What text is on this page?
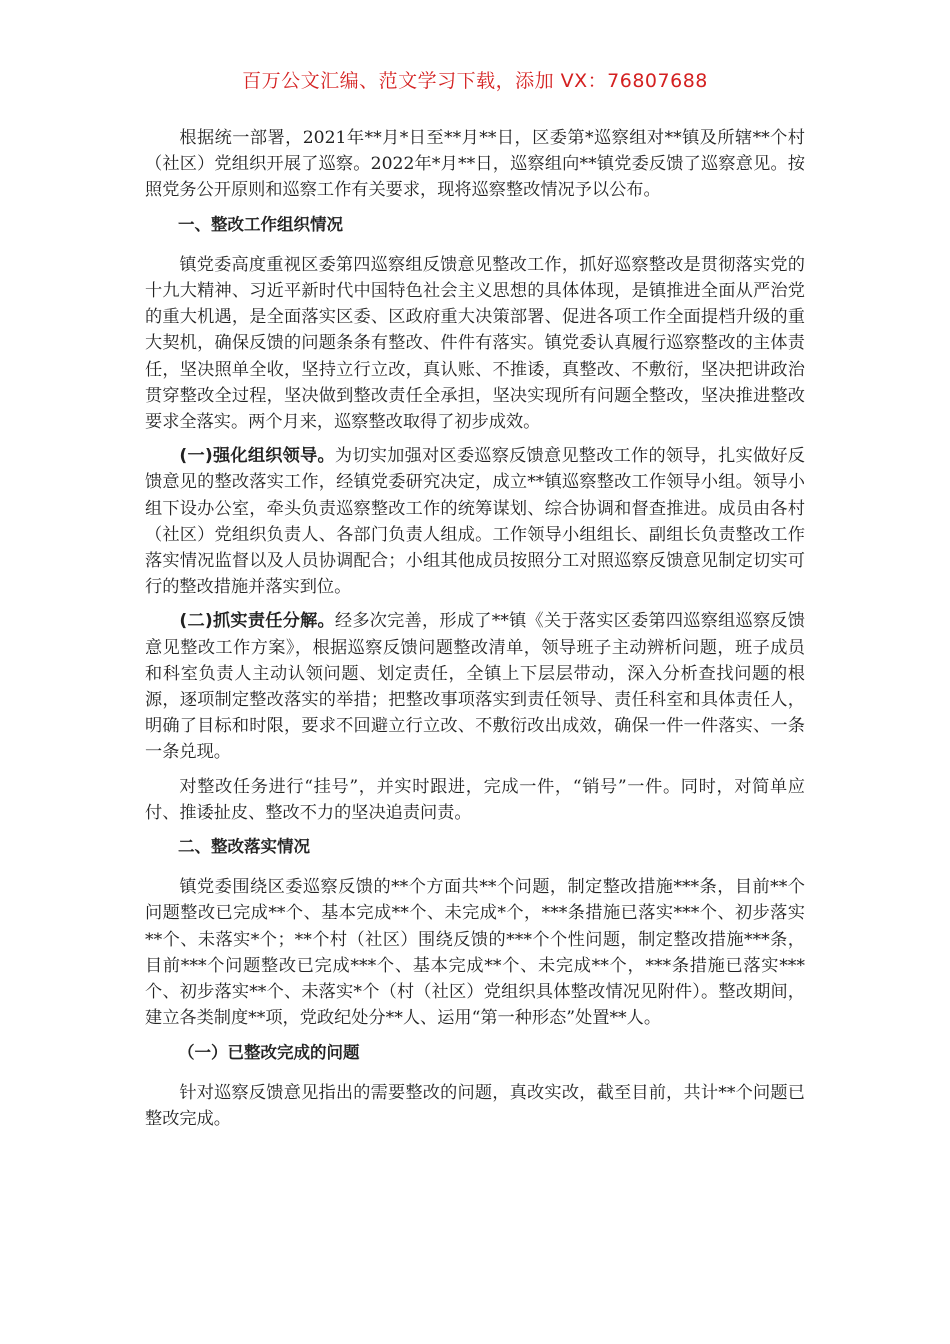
百万公文汇编、范文学习下载，添加 VX：76807688

根据统一部署，2021年**月*日至**月**日，区委第*巡察组对**镇及所辖**个村（社区）党组织开展了巡察。2022年*月**日，巡察组向**镇党委反馈了巡察意见。按照党务公开原则和巡察工作有关要求，现将巡察整改情况予以公布。

一、整改工作组织情况

镇党委高度重视区委第四巡察组反馈意见整改工作，抓好巡察整改是贯彻落实党的十九大精神、习近平新时代中国特色社会主义思想的具体体现，是镇推进全面从严治党的重大机遇，是全面落实区委、区政府重大决策部署、促进各项工作全面提档升级的重大契机，确保反馈的问题条条有整改、件件有落实。镇党委认真履行巡察整改的主体责任，坚决照单全收，坚持立行立改，真认账、不推诿，真整改、不敷衍，坚决把讲政治贯穿整改全过程，坚决做到整改责任全承担，坚决实现所有问题全整改，坚决推进整改要求全落实。两个月来，巡察整改取得了初步成效。

(一)强化组织领导。为切实加强对区委巡察反馈意见整改工作的领导，扎实做好反馈意见的整改落实工作，经镇党委研究决定，成立**镇巡察整改工作领导小组。领导小组下设办公室，牵头负责巡察整改工作的统筹谋划、综合协调和督查推进。成员由各村（社区）党组织负责人、各部门负责人组成。工作领导小组组长、副组长负责整改工作落实情况监督以及人员协调配合；小组其他成员按照分工对照巡察反馈意见制定切实可行的整改措施并落实到位。

(二)抓实责任分解。经多次完善，形成了**镇《关于落实区委第四巡察组巡察反馈意见整改工作方案》，根据巡察反馈问题整改清单，领导班子主动辨析问题，班子成员和科室负责人主动认领问题、划定责任，全镇上下层层带动，深入分析查找问题的根源，逐项制定整改落实的举措；把整改事项落实到责任领导、责任科室和具体责任人，明确了目标和时限，要求不回避立行立改、不敷衍改出成效，确保一件一件落实、一条一条兑现。

对整改任务进行“挂号”，并实时跟进，完成一件，“销号”一件。同时，对简单应付、推诿扯皮、整改不力的坚决追责问责。

二、整改落实情况

镇党委围绕区委巡察反馈的**个方面共**个问题，制定整改措施***条，目前**个问题整改已完成**个、基本完成**个、未完成*个，***条措施已落实***个、初步落实**个、未落实*个；**个村（社区）围绕反馈的***个个性问题，制定整改措施***条，目前***个问题整改已完成***个、基本完成**个、未完成**个，***条措施已落实***个、初步落实**个、未落实*个（村（社区）党组织具体整改情况见附件）。整改期间，建立各类制度**项，党政纪处分**人、运用“第一种形态”处置**人。

（一）已整改完成的问题

针对巡察反馈意见指出的需要整改的问题，真改实改，截至目前，共计**个问题已整改完成。
